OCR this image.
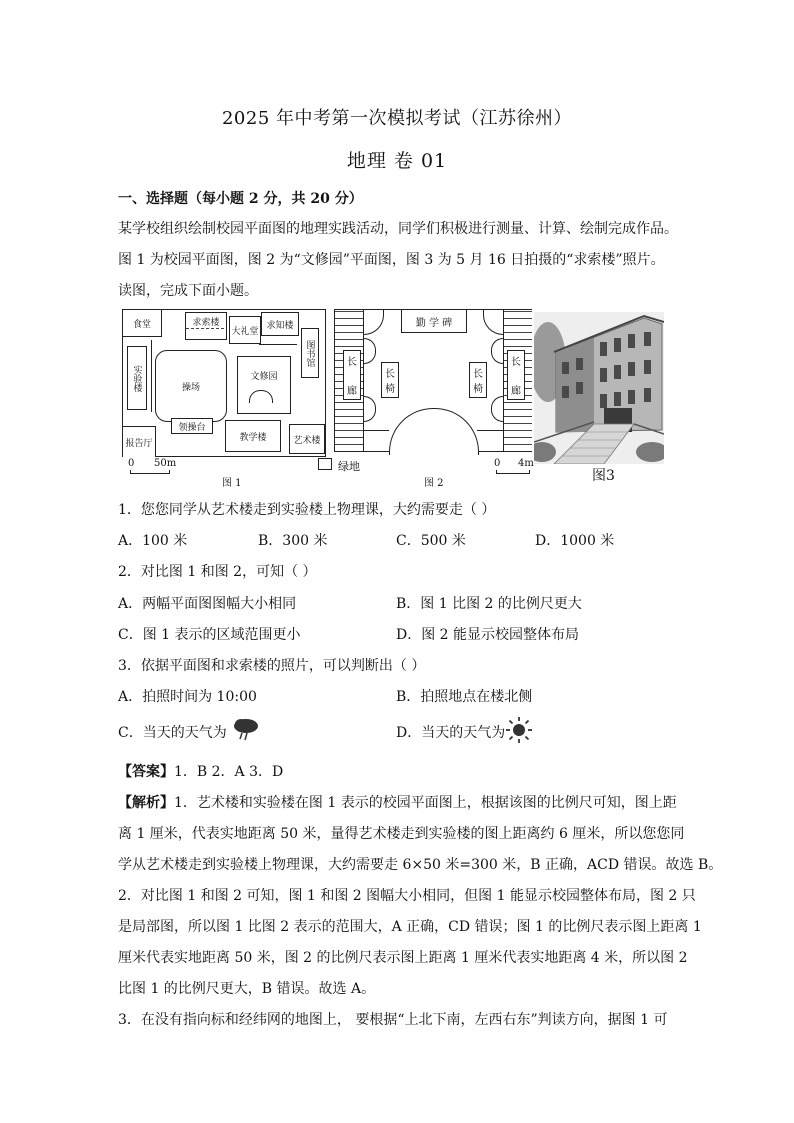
2025 年中考第一次模拟考试（江苏徐州）
地理 卷 01
一、选择题（每小题 2 分，共 20 分）
某学校组织绘制校园平面图的地理实践活动，同学们积极进行测量、计算、绘制完成作品。
图 1 为校园平面图，图 2 为“文修园”平面图，图 3 为 5 月 16 日拍摄的“求索楼”照片。
读图，完成下面小题。
食堂	求索楼
大礼堂
求知楼
图书馆
实验楼	操场
文修园
领操台
报告厅
教学楼	艺术楼
0 50m
图 1
绿地
长
廊
长
廊
勤 学 碑
长
椅
长
椅
0 4m
图 2	图3
1．您您同学从艺术楼走到实验楼上物理课，大约需要走（ ）
A．100 米	B．300 米	C．500 米	D．1000 米
2．对比图 1 和图 2，可知（ ）
A．两幅平面图图幅大小相同	B．图 1 比图 2 的比例尺更大
C．图 1 表示的区域范围更小	D．图 2 能显示校园整体布局
3．依据平面图和求索楼的照片，可以判断出（ ）
A．拍照时间为 10:00	B．拍照地点在楼北侧
C．当天的天气为	D．当天的天气为
【答案】1．B 2．A 3．D
【解析】1．艺术楼和实验楼在图 1 表示的校园平面图上，根据该图的比例尺可知，图上距
离 1 厘米，代表实地距离 50 米，量得艺术楼走到实验楼的图上距离约 6 厘米，所以您您同
学从艺术楼走到实验楼上物理课，大约需要走 6×50 米=300 米，B 正确，ACD 错误。故选 B。
2．对比图 1 和图 2 可知，图 1 和图 2 图幅大小相同，但图 1 能显示校园整体布局，图 2 只
是局部图，所以图 1 比图 2 表示的范围大，A 正确，CD 错误；图 1 的比例尺表示图上距离 1
厘米代表实地距离 50 米，图 2 的比例尺表示图上距离 1 厘米代表实地距离 4 米，所以图 2
比图 1 的比例尺更大，B 错误。故选 A。
3．在没有指向标和经纬网的地图上， 要根据“上北下南，左西右东”判读方向，据图 1 可
